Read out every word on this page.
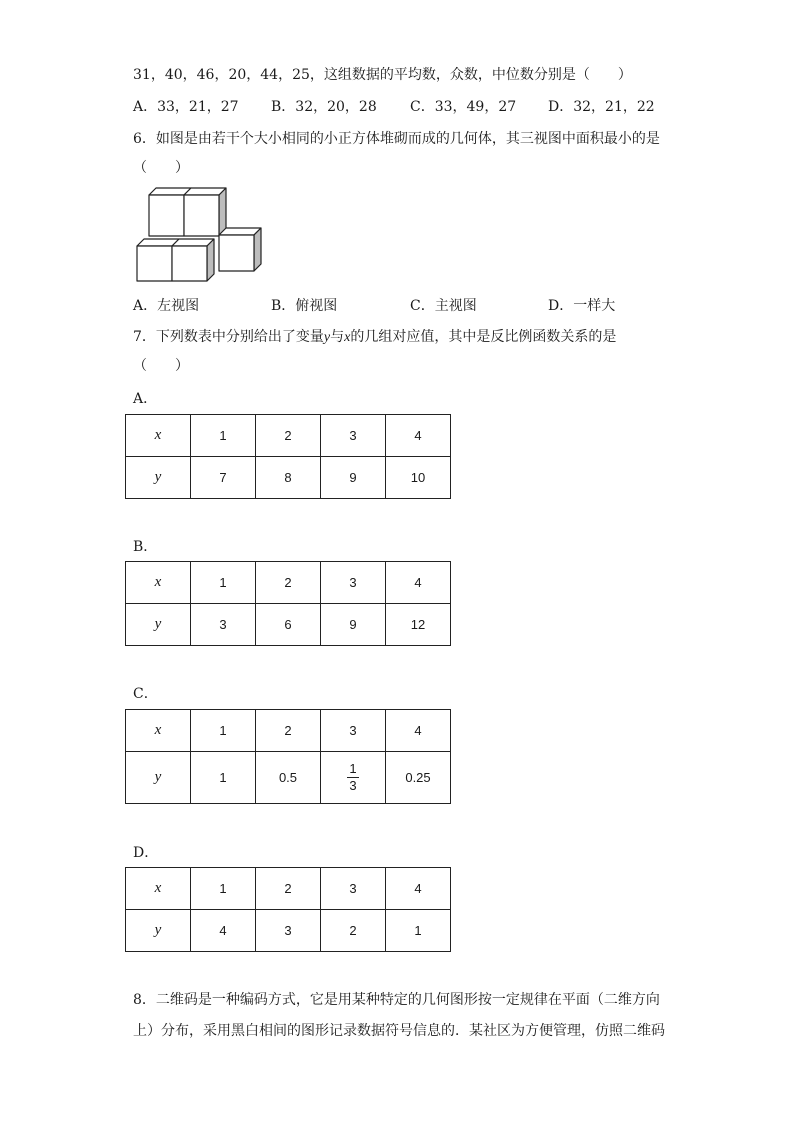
31，40，46，20，44，25，这组数据的平均数，众数，中位数分别是（　　）
A．33，21，27 B．32，20，28 C．33，49，27 D．32，21，22
6．如图是由若干个大小相同的小正方体堆砌而成的几何体，其三视图中面积最小的是
（　　）
A．左视图	B．俯视图	C．主视图	D．一样大
7．下列数表中分别给出了变量y与x的几组对应值，其中是反比例函数关系的是
（　　）
A．
x	1	2	3	4
y	7	8	9	10
B．
x	1	2	3	4
y	3	6	9	12
C．
x	1	2	3	4
y	1	0.5	$\frac{1}{3}$	0.25
D．
x	1	2	3	4
y	4	3	2	1
8．二维码是一种编码方式，它是用某种特定的几何图形按一定规律在平面（二维方向
上）分布，采用黑白相间的图形记录数据符号信息的．某社区为方便管理，仿照二维码
